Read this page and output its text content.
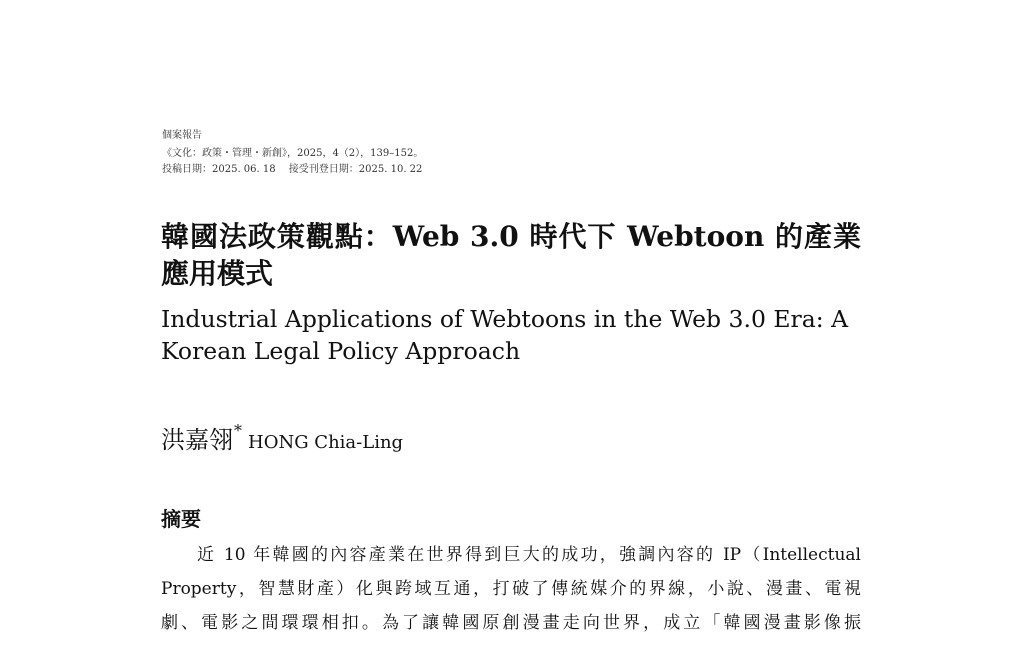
個案報告
《文化：政策・管理・新創》，2025，4（2），139–152。
投稿日期：2025. 06. 18　 接受刊登日期：2025. 10. 22
韓國法政策觀點：Web 3.0 時代下 Webtoon 的產業應用模式
Industrial Applications of Webtoons in the Web 3.0 Era: A Korean Legal Policy Approach
洪嘉翎*HONG Chia-Ling
摘要
近 10 年韓國的內容產業在世界得到巨大的成功，強調內容的 IP（Intellectual
Property，智慧財產）化與跨域互通，打破了傳統媒介的界線，小說、漫畫、電視
劇、電影之間環環相扣。為了讓韓國原創漫畫走向世界，成立「韓國漫畫影像振
